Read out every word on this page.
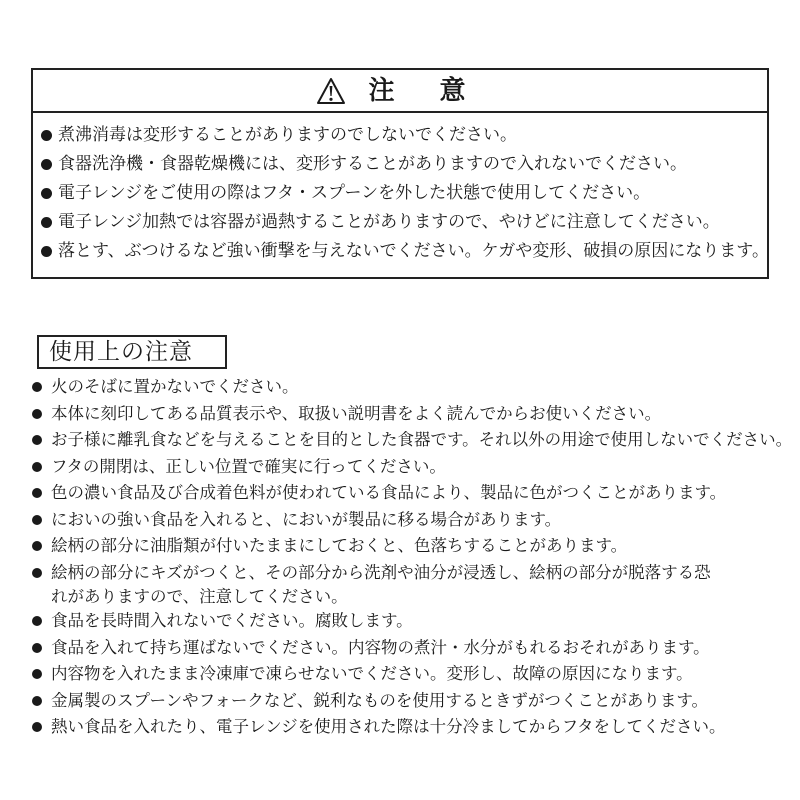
注 意
煮沸消毒は変形することがありますのでしないでください。
食器洗浄機・食器乾燥機には、変形することがありますので入れないでください。
電子レンジをご使用の際はフタ・スプーンを外した状態で使用してください。
電子レンジ加熱では容器が過熱することがありますので、やけどに注意してください。
落とす、ぶつけるなど強い衝撃を与えないでください。ケガや変形、破損の原因になります。
使用上の注意
火のそばに置かないでください。
本体に刻印してある品質表示や、取扱い説明書をよく読んでからお使いください。
お子様に離乳食などを与えることを目的とした食器です。それ以外の用途で使用しないでください。
フタの開閉は、正しい位置で確実に行ってください。
色の濃い食品及び合成着色料が使われている食品により、製品に色がつくことがあります。
においの強い食品を入れると、においが製品に移る場合があります。
絵柄の部分に油脂類が付いたままにしておくと、色落ちすることがあります。
絵柄の部分にキズがつくと、その部分から洗剤や油分が浸透し、絵柄の部分が脱落する恐
れがありますので、注意してください。
食品を長時間入れないでください。腐敗します。
食品を入れて持ち運ばないでください。内容物の煮汁・水分がもれるおそれがあります。
内容物を入れたまま冷凍庫で凍らせないでください。変形し、故障の原因になります。
金属製のスプーンやフォークなど、鋭利なものを使用するときずがつくことがあります。
熱い食品を入れたり、電子レンジを使用された際は十分冷ましてからフタをしてください。
